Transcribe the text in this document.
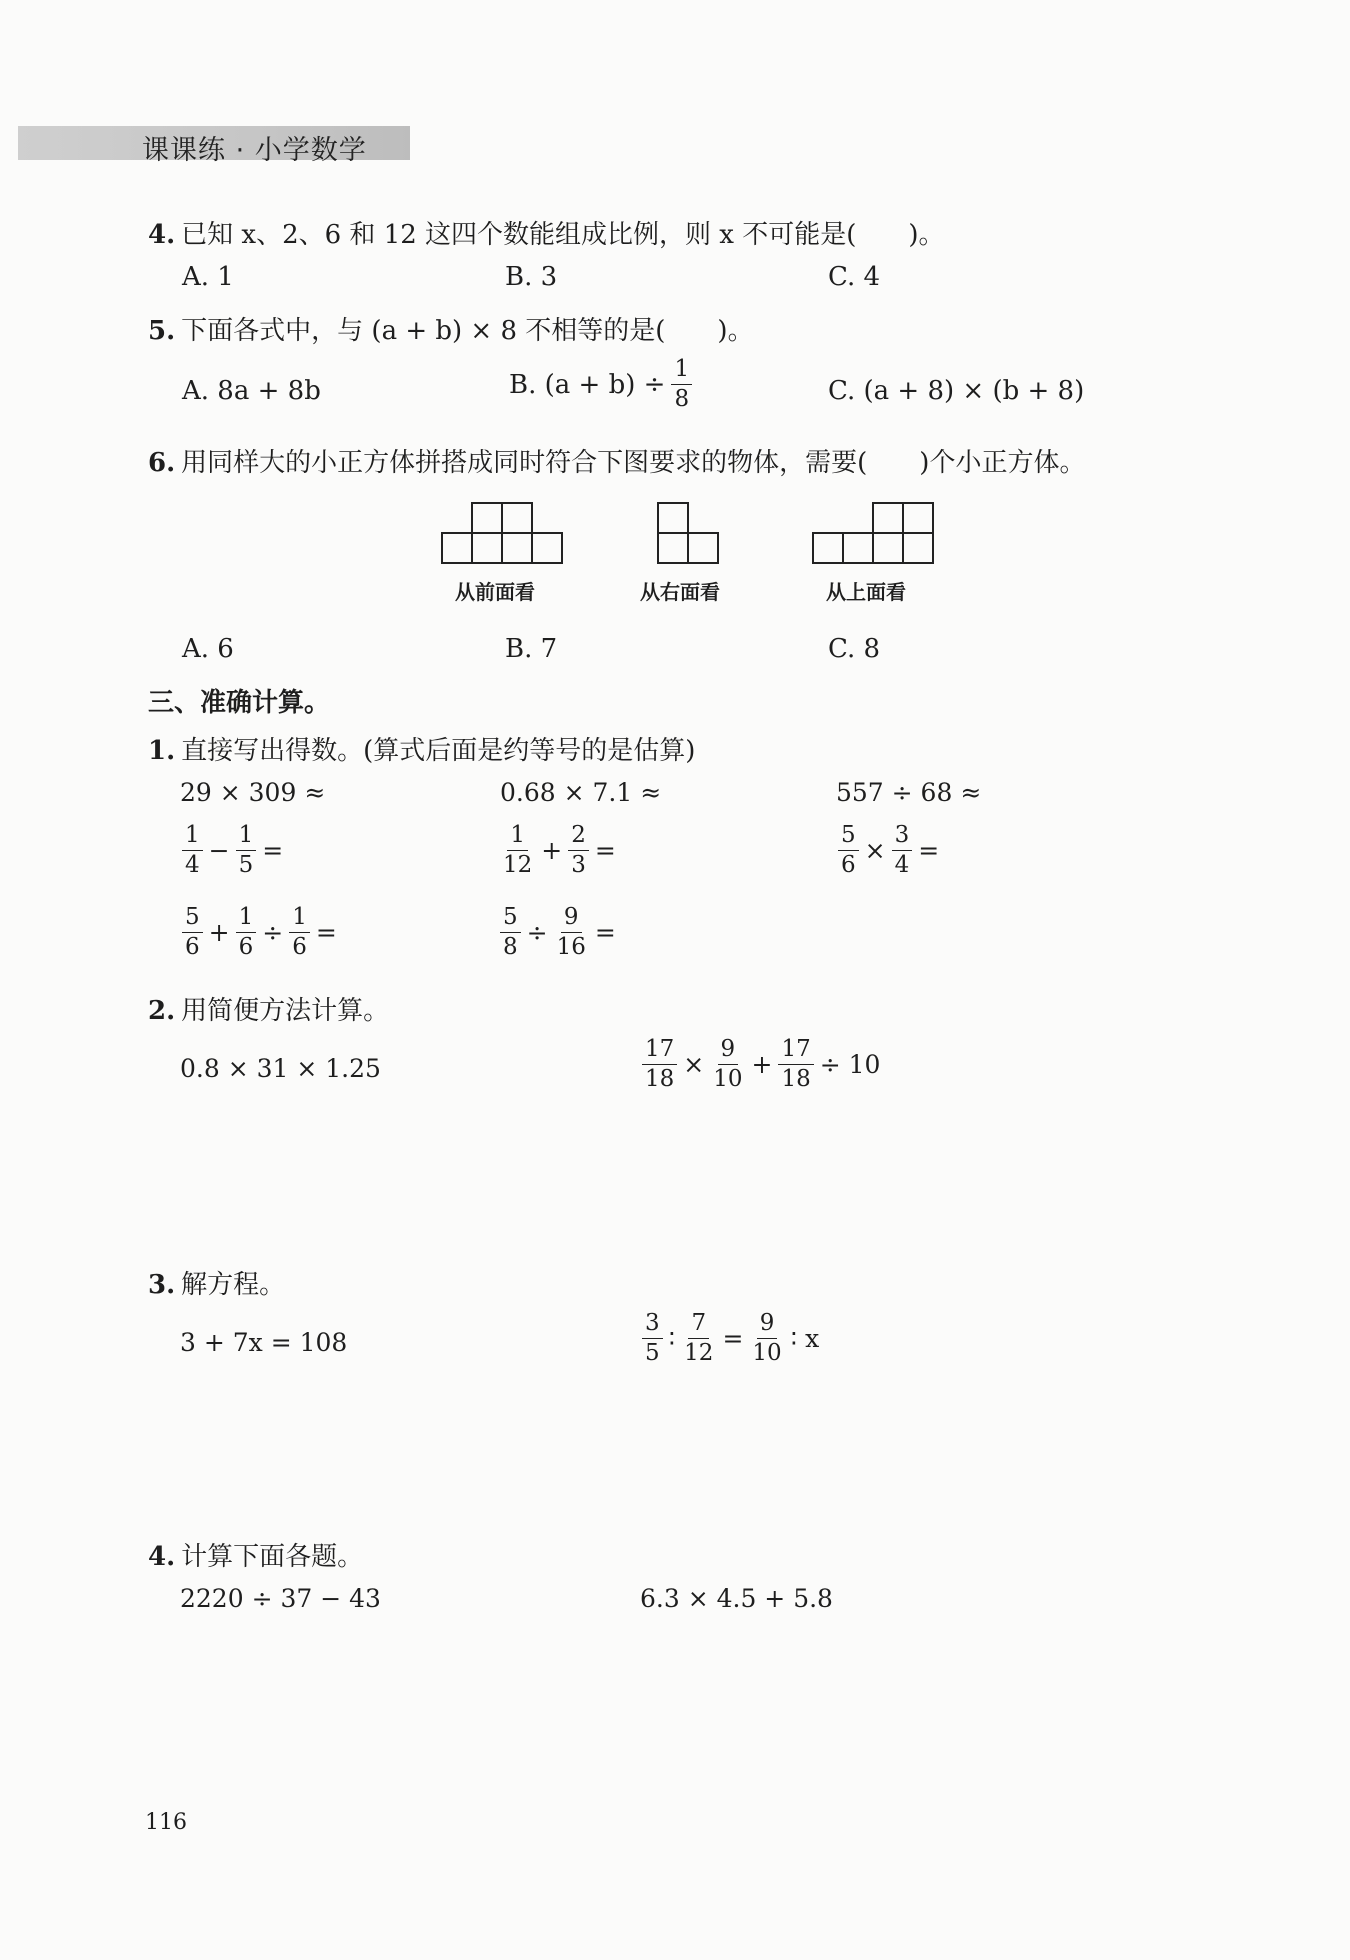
课课练 · 小学数学
4. 已知 x、2、6 和 12 这四个数能组成比例，则 x 不可能是(　　)。
A. 1	B. 3	C. 4
5. 下面各式中，与 (a + b) × 8 不相等的是(　　)。
A. 8a + 8b	B. $(a + b) \div \frac{1}{8}$	C. (a + 8) × (b + 8)
6. 用同样大的小正方体拼搭成同时符合下图要求的物体，需要(　　)个小正方体。
从前面看	从右面看	从上面看
A. 6	B. 7	C. 8
三、准确计算。
1. 直接写出得数。(算式后面是约等号的是估算)
29 × 309 ≈	0.68 × 7.1 ≈	557 ÷ 68 ≈
$\frac{1}{4} - \frac{1}{5}$ =	$\frac{1}{12} + \frac{2}{3}$ =	$\frac{5}{6} \times \frac{3}{4}$ =
$\frac{5}{6} + \frac{1}{6} \div \frac{1}{6}$ =	$\frac{5}{8} \div \frac{9}{16}$ =
2. 用简便方法计算。
0.8 × 31 × 1.25	$\frac{17}{18} \times \frac{9}{10} + \frac{17}{18} \div 10$
3. 解方程。
3 + 7x = 108	$\frac{3}{5}$ ∶ $\frac{7}{12} = \frac{9}{10}$ ∶ x
4. 计算下面各题。
2220 ÷ 37 − 43	6.3 × 4.5 + 5.8
116
